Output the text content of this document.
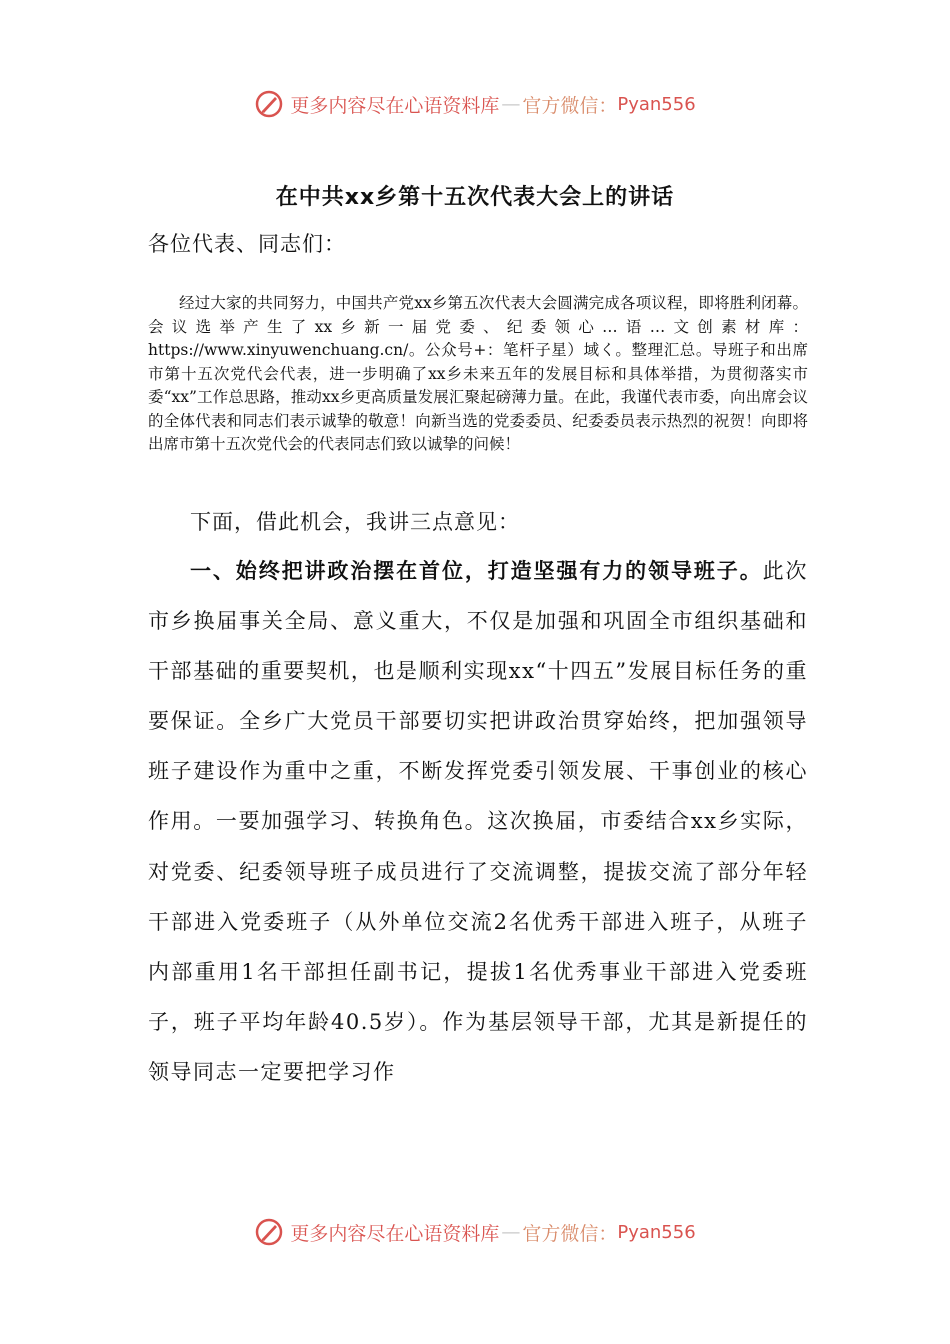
更多内容尽在心语资料库 — 官方微信： Pyan556
在中共xx乡第十五次代表大会上的讲话
各位代表、同志们：

经过大家的共同努力，中国共产党xx乡第五次代表大会圆满完成各项议程，即将胜利闭幕。会议选举产生了xx乡新一届党委、纪委领心…语…文创素材库：https://www.xinyuwenchuang.cn/。公众号+：笔杆子星）域く。整理汇总。导班子和出席市第十五次党代会代表，进一步明确了xx乡未来五年的发展目标和具体举措，为贯彻落实市委“xx”工作总思路，推动xx乡更高质量发展汇聚起磅薄力量。在此，我谨代表市委，向出席会议的全体代表和同志们表示诚挚的敬意！向新当选的党委委员、纪委委员表示热烈的祝贺！向即将出席市第十五次党代会的代表同志们致以诚挚的问候！

下面，借此机会，我讲三点意见：

一、始终把讲政治摆在首位，打造坚强有力的领导班子。此次市乡换届事关全局、意义重大，不仅是加强和巩固全市组织基础和干部基础的重要契机，也是顺利实现xx“十四五”发展目标任务的重要保证。全乡广大党员干部要切实把讲政治贯穿始终，把加强领导班子建设作为重中之重，不断发挥党委引领发展、干事创业的核心作用。一要加强学习、转换角色。这次换届，市委结合xx乡实际，对党委、纪委领导班子成员进行了交流调整，提拔交流了部分年轻干部进入党委班子（从外单位交流2名优秀干部进入班子，从班子内部重用1名干部担任副书记，提拔1名优秀事业干部进入党委班子，班子平均年龄40.5岁）。作为基层领导干部，尤其是新提任的领导同志一定要把学习作

更多内容尽在心语资料库 — 官方微信： Pyan556
